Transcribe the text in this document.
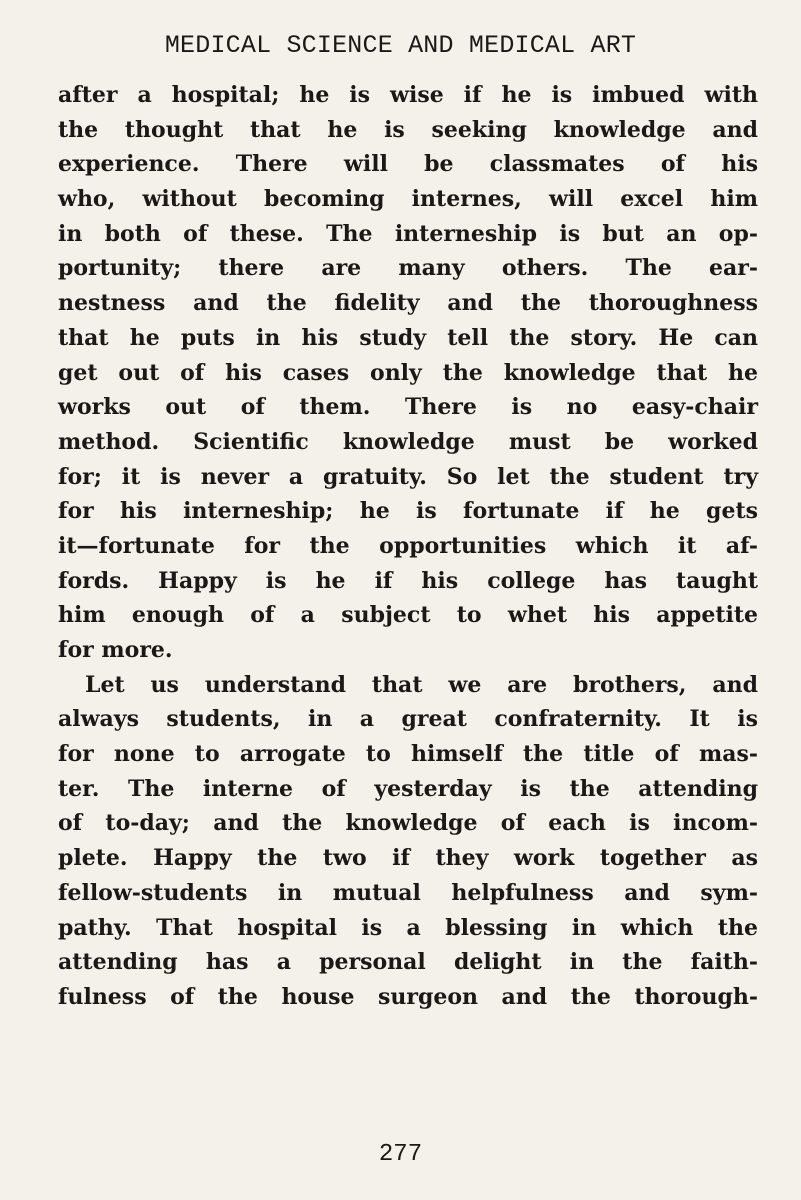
MEDICAL SCIENCE AND MEDICAL ART
after a hospital; he is wise if he is imbued with
the thought that he is seeking knowledge and
experience. There will be classmates of his
who, without becoming internes, will excel him
in both of these. The interneship is but an op-
portunity; there are many others. The ear-
nestness and the fidelity and the thoroughness
that he puts in his study tell the story. He can
get out of his cases only the knowledge that he
works out of them. There is no easy-chair
method. Scientific knowledge must be worked
for; it is never a gratuity. So let the student try
for his interneship; he is fortunate if he gets
it—fortunate for the opportunities which it af-
fords. Happy is he if his college has taught
him enough of a subject to whet his appetite
for more.
Let us understand that we are brothers, and
always students, in a great confraternity. It is
for none to arrogate to himself the title of mas-
ter. The interne of yesterday is the attending
of to-day; and the knowledge of each is incom-
plete. Happy the two if they work together as
fellow-students in mutual helpfulness and sym-
pathy. That hospital is a blessing in which the
attending has a personal delight in the faith-
fulness of the house surgeon and the thorough-
277
